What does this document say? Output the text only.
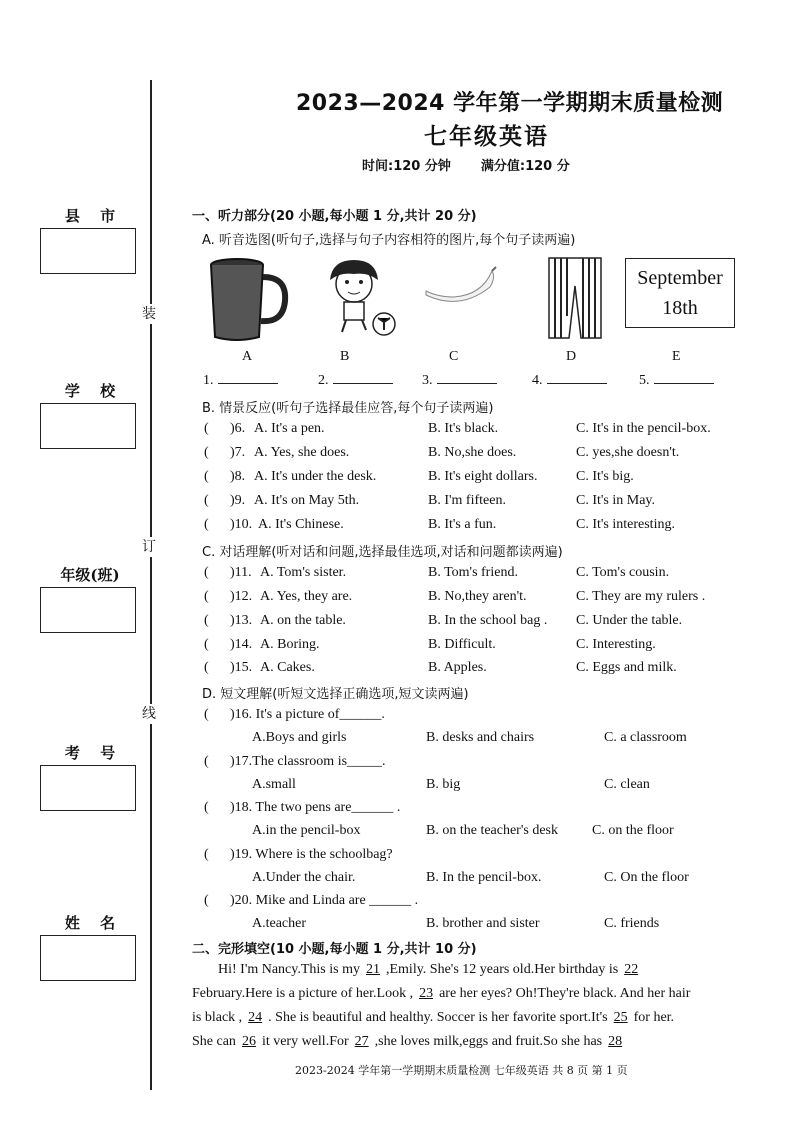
装
订
线
县 市
学 校
年级(班)
考 号
姓 名
2023—2024 学年第一学期期末质量检测
七年级英语
时间:120 分钟 满分值:120 分
一、听力部分(20 小题,每小题 1 分,共计 20 分)
A. 听音选图(听句子,选择与句子内容相符的图片,每个句子读两遍)
September
18th
A	B	C	D	E
1.	2.	3.	4.	5.
B. 情景反应(听句子选择最佳应答,每个句子读两遍)
( )6. A. It's a pen.	B. It's black.	C. It's in the pencil-box.
( )7. A. Yes, she does.	B. No,she does.	C. yes,she doesn't.
( )8. A. It's under the desk.	B. It's eight dollars.	C. It's big.
( )9. A. It's on May 5th.	B. I'm fifteen.	C. It's in May.
( )10. A. It's Chinese.	B. It's a fun.	C. It's interesting.
C. 对话理解(听对话和问题,选择最佳选项,对话和问题都读两遍)
( )11. A. Tom's sister.	B. Tom's friend.	C. Tom's cousin.
( )12. A. Yes, they are.	B. No,they aren't.	C. They are my rulers .
( )13. A. on the table.	B. In the school bag . C. Under the table.
( )14. A. Boring.	B. Difficult.	C. Interesting.
( )15. A. Cakes.	B. Apples.	C. Eggs and milk.
D. 短文理解(听短文选择正确选项,短文读两遍)
( )16. It's a picture of______.
A.Boys and girls	B. desks and chairs	C. a classroom
( )17.The classroom is_____.
A.small	B. big	C. clean
( )18. The two pens are______ .
A.in the pencil-box	B. on the teacher's desk C. on the floor
( )19. Where is the schoolbag?
A.Under the chair.	B. In the pencil-box.	C. On the floor
( )20. Mike and Linda are ______ .
A.teacher	B. brother and sister	C. friends
二、完形填空(10 小题,每小题 1 分,共计 10 分)
Hi! I'm Nancy.This is my 21 ,Emily. She's 12 years old.Her birthday is 22
February.Here is a picture of her.Look , 23 are her eyes? Oh!They're black. And her hair
is black , 24 . She is beautiful and healthy. Soccer is her favorite sport.It's 25 for her.
She can 26 it very well.For 27 ,she loves milk,eggs and fruit.So she has 28
2023-2024 学年第一学期期末质量检测 七年级英语 共 8 页 第 1 页
